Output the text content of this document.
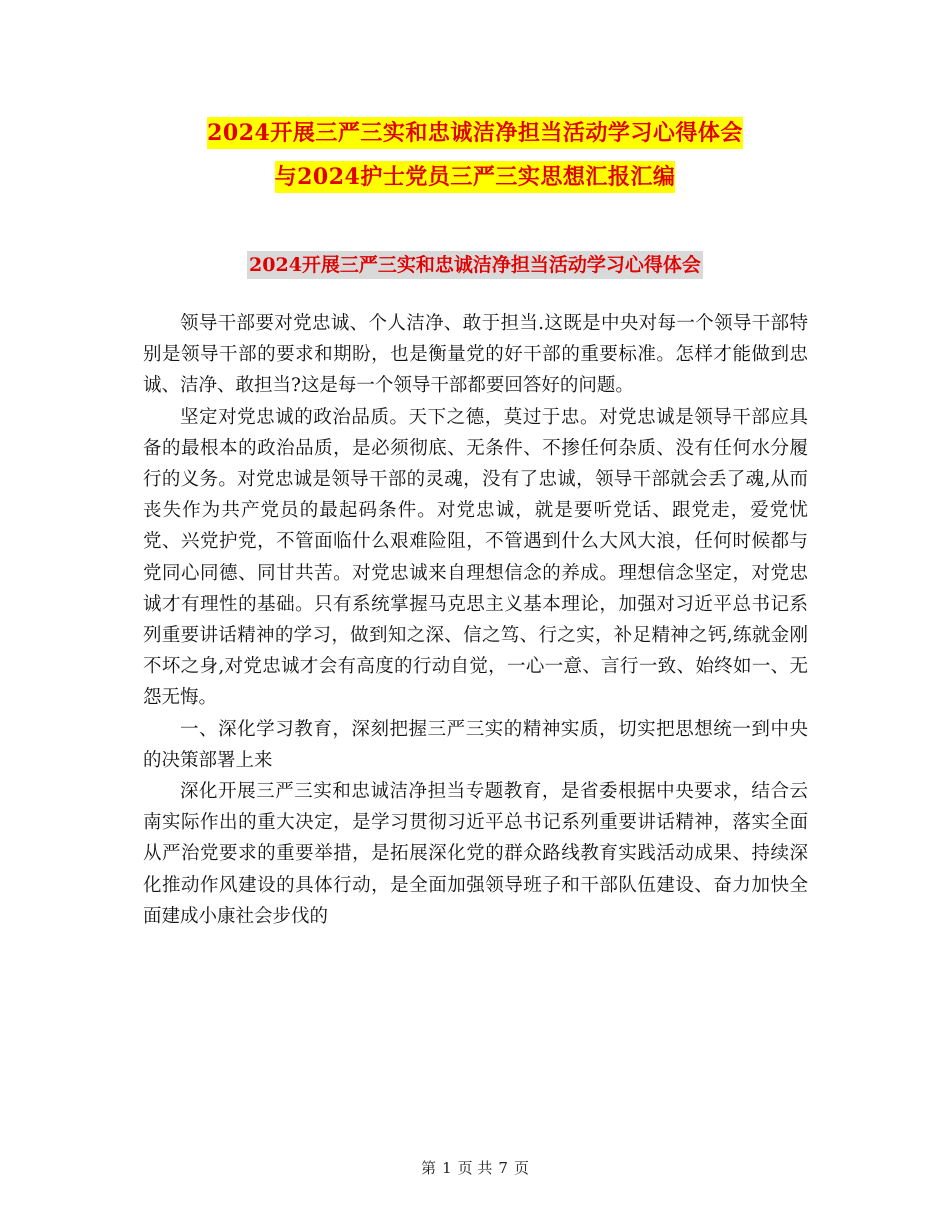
2024开展三严三实和忠诚洁净担当活动学习心得体会
与2024护士党员三严三实思想汇报汇编
2024开展三严三实和忠诚洁净担当活动学习心得体会

领导干部要对党忠诚、个人洁净、敢于担当.这既是中央对每一个领导干部特别是领导干部的要求和期盼，也是衡量党的好干部的重要标准。怎样才能做到忠诚、洁净、敢担当?这是每一个领导干部都要回答好的问题。

坚定对党忠诚的政治品质。天下之德，莫过于忠。对党忠诚是领导干部应具备的最根本的政治品质，是必须彻底、无条件、不掺任何杂质、没有任何水分履行的义务。对党忠诚是领导干部的灵魂，没有了忠诚，领导干部就会丢了魂,从而丧失作为共产党员的最起码条件。对党忠诚，就是要听党话、跟党走，爱党忧党、兴党护党，不管面临什么艰难险阻，不管遇到什么大风大浪，任何时候都与党同心同德、同甘共苦。对党忠诚来自理想信念的养成。理想信念坚定，对党忠诚才有理性的基础。只有系统掌握马克思主义基本理论，加强对习近平总书记系列重要讲话精神的学习，做到知之深、信之笃、行之实，补足精神之钙,练就金刚不坏之身,对党忠诚才会有高度的行动自觉，一心一意、言行一致、始终如一、无怨无悔。

一、深化学习教育，深刻把握三严三实的精神实质，切实把思想统一到中央的决策部署上来

深化开展三严三实和忠诚洁净担当专题教育，是省委根据中央要求，结合云南实际作出的重大决定，是学习贯彻习近平总书记系列重要讲话精神，落实全面从严治党要求的重要举措，是拓展深化党的群众路线教育实践活动成果、持续深化推动作风建设的具体行动，是全面加强领导班子和干部队伍建设、奋力加快全面建成小康社会步伐的

第 1 页 共 7 页
